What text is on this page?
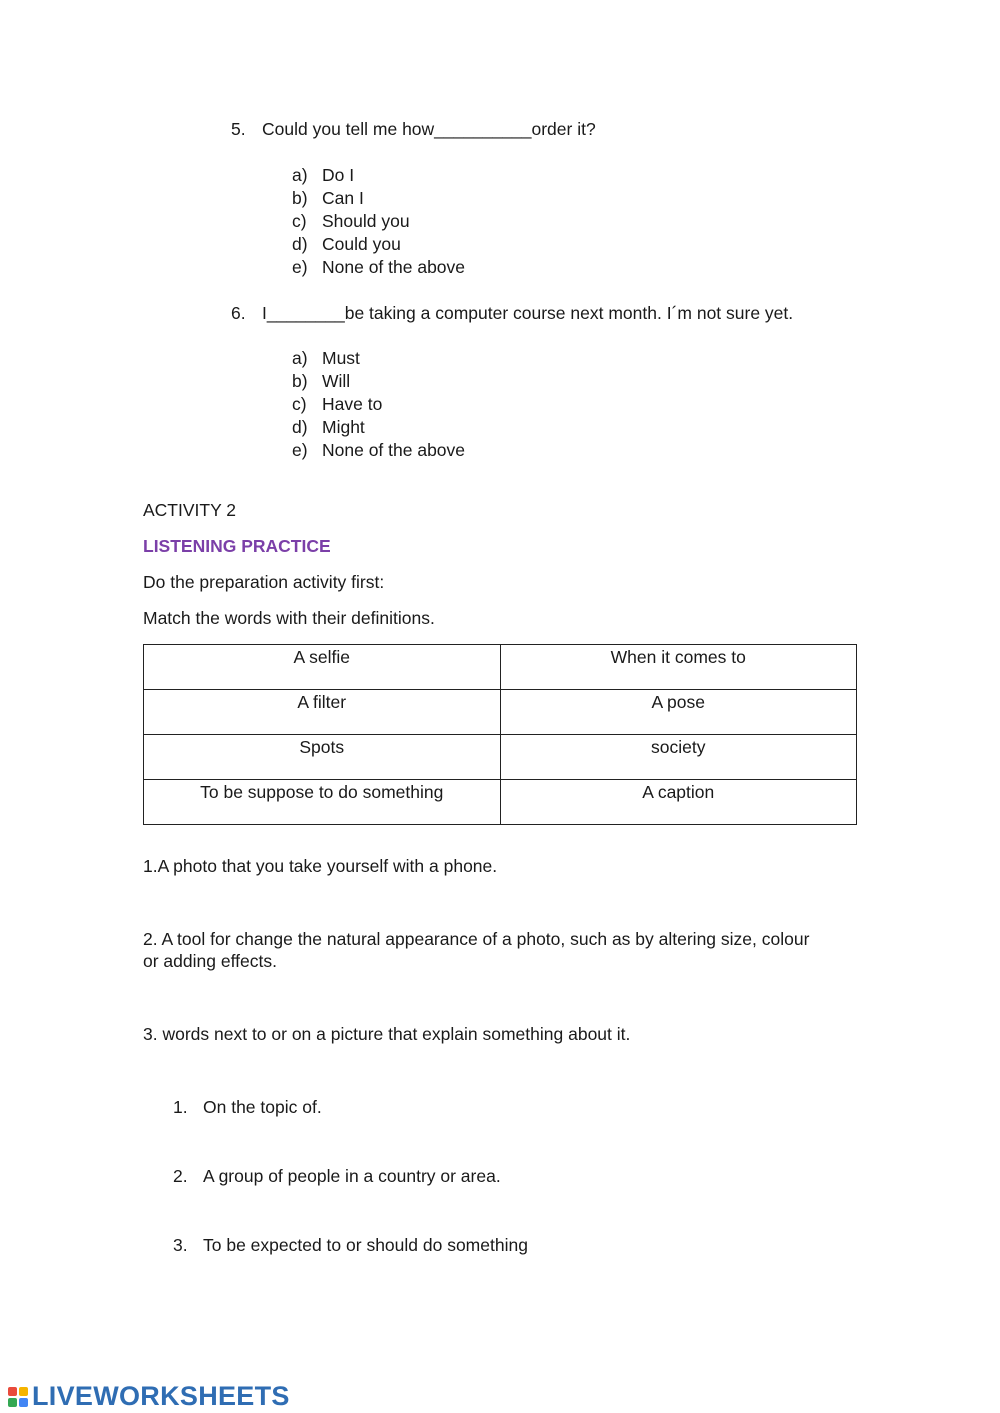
5. Could you tell me how__________order it?
a) Do I
b) Can I
c) Should you
d) Could you
e) None of the above
6. I________be taking a computer course next month. I´m not sure yet.
a) Must
b) Will
c) Have to
d) Might
e) None of the above
ACTIVITY 2
LISTENING PRACTICE
Do the preparation activity first:
Match the words with their definitions.
A selfie	When it comes to
A filter	A pose
Spots	society
To be suppose to do something	A caption
1.A photo that you take yourself with a phone.
2. A tool for change the natural appearance of a photo, such as by altering size, colour
or adding effects.
3. words next to or on a picture that explain something about it.
1. On the topic of.
2. A group of people in a country or area.
3. To be expected to or should do something
LIVEWORKSHEETS
